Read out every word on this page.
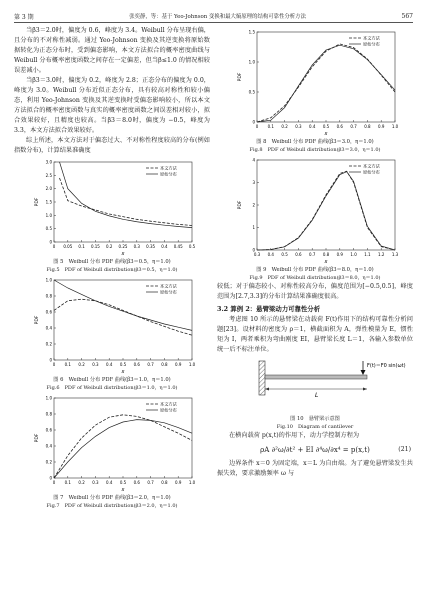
第 3 期	张奕静，等：基于 Yeo-Johnson 变换和最大熵原理的结构可靠性分析方法	567

当β3＝2.0时，偏度为 0.6，峰度为 3.4。Weibull 分布呈现右偏，且分布的不对称性减弱。通过 Yeo-Johnson 变换及其逆变换将原始数据转化为正态分布时，受到偏态影响，本文方法拟合的概率密度曲线与 Weibull 分布概率密度函数之间存在一定偏差，但当β≤1.0 的情况相较误差减小。

当β3＝3.0时，偏度为 0.2，峰度为 2.8；正态分布的偏度为 0.0，峰度为 3.0。Weibull 分布近似正态分布，具有较高对称性和较小偏态，利用 Yeo-Johnson 变换及其逆变换时受偏态影响较小，所以本文方法拟合的概率密度函数与真实的概率密度函数之间误差相对较小，拟合效果较好，且精度也较高。当β3＝8.0时，偏度为 −0.5，峰度为 3.3，本文方法拟合效果较好。

综上所述，本文方法对于偏态过大、不对称性程度较高的分布(例如指数分布)，计算结果准确度

0 0.05 0.1 0.15 0.2 0.25 0.3 0.35 0.4 0.45 0.5
0
0.5
1.0
1.5
2.0
2.5
3.0
x
PDF
本文方法
原始分布
图 5　Weibull 分布 PDF 曲线(β3＝0.5，η＝1.0)
Fig.5　PDF of Weibull distribution(β3＝0.5，η＝1.0)
0 0.1 0.2 0.3 0.4 0.5 0.6 0.7 0.8 0.9 1.0
0
0.2
0.4
0.6
0.8
1.0
x
PDF
本文方法
原始分布
图 6　Weibull 分布 PDF 曲线(β3＝1.0，η＝1.0)
Fig.6　PDF of Weibull distribution(β3＝1.0，η＝1.0)
0 0.1 0.2 0.3 0.4 0.5 0.6 0.7 0.8 0.9 1.0
0
0.2
0.4
0.6
0.8
1.0
x
PDF
本文方法
原始分布
图 7　Weibull 分布 PDF 曲线(β3＝2.0，η＝1.0)
Fig.7　PDF of Weibull distribution(β3＝2.0，η＝1.0)
0 0.1 0.2 0.3 0.4 0.5 0.6 0.7 0.8 0.9 1.0
0
0.5
1.0
1.5
x
PDF
本文方法
原始分布
图 8　Weibull 分布 PDF 曲线(β3＝3.0，η＝1.0)
Fig.8　PDF of Weibull distribution(β3＝3.0，η＝1.0)
0.3 0.4 0.5 0.6 0.7 0.8 0.9 1.0 1.1 1.2 1.3
0
1
2
3
4
x
PDF
本文方法
原始分布
图 9　Weibull 分布 PDF 曲线(β3＝8.0，η＝1.0)
Fig.9　PDF of Weibull distribution(β3＝8.0，η＝1.0)

较低；对于偏态较小、对称性较高分布，偏度范围为[−0.5,0.5]，峰度范围为[2.7,3.3]的分布计算结果准确度很高。

3.2 算例 2：悬臂梁动力可靠性分析

考虑图 10 所示的悬臂梁在动载荷 F(t)作用下的结构可靠性分析问题[23]。设材料的密度为 ρ＝1，横截面积为 A，弹性模量为 E，惯性矩为 I，两者乘积为弯曲刚度 EI，悬臂梁长度 L＝1，各输入参数单位统一后不标注单位。

F(t)＝F0 sin(ωt)
L
图 10　悬臂梁示意图
Fig.10　Diagram of cantilever

在横向载荷 p(x,t)的作用下，动力学控制方程为

ρA ∂²ω/∂t² + EI ∂⁴ω/∂x⁴ = p(x,t)	(21)

边界条件 x＝0 为固定端，x＝L 为自由端。为了避免悬臂梁发生共振失效，要求激励频率 ω 与
